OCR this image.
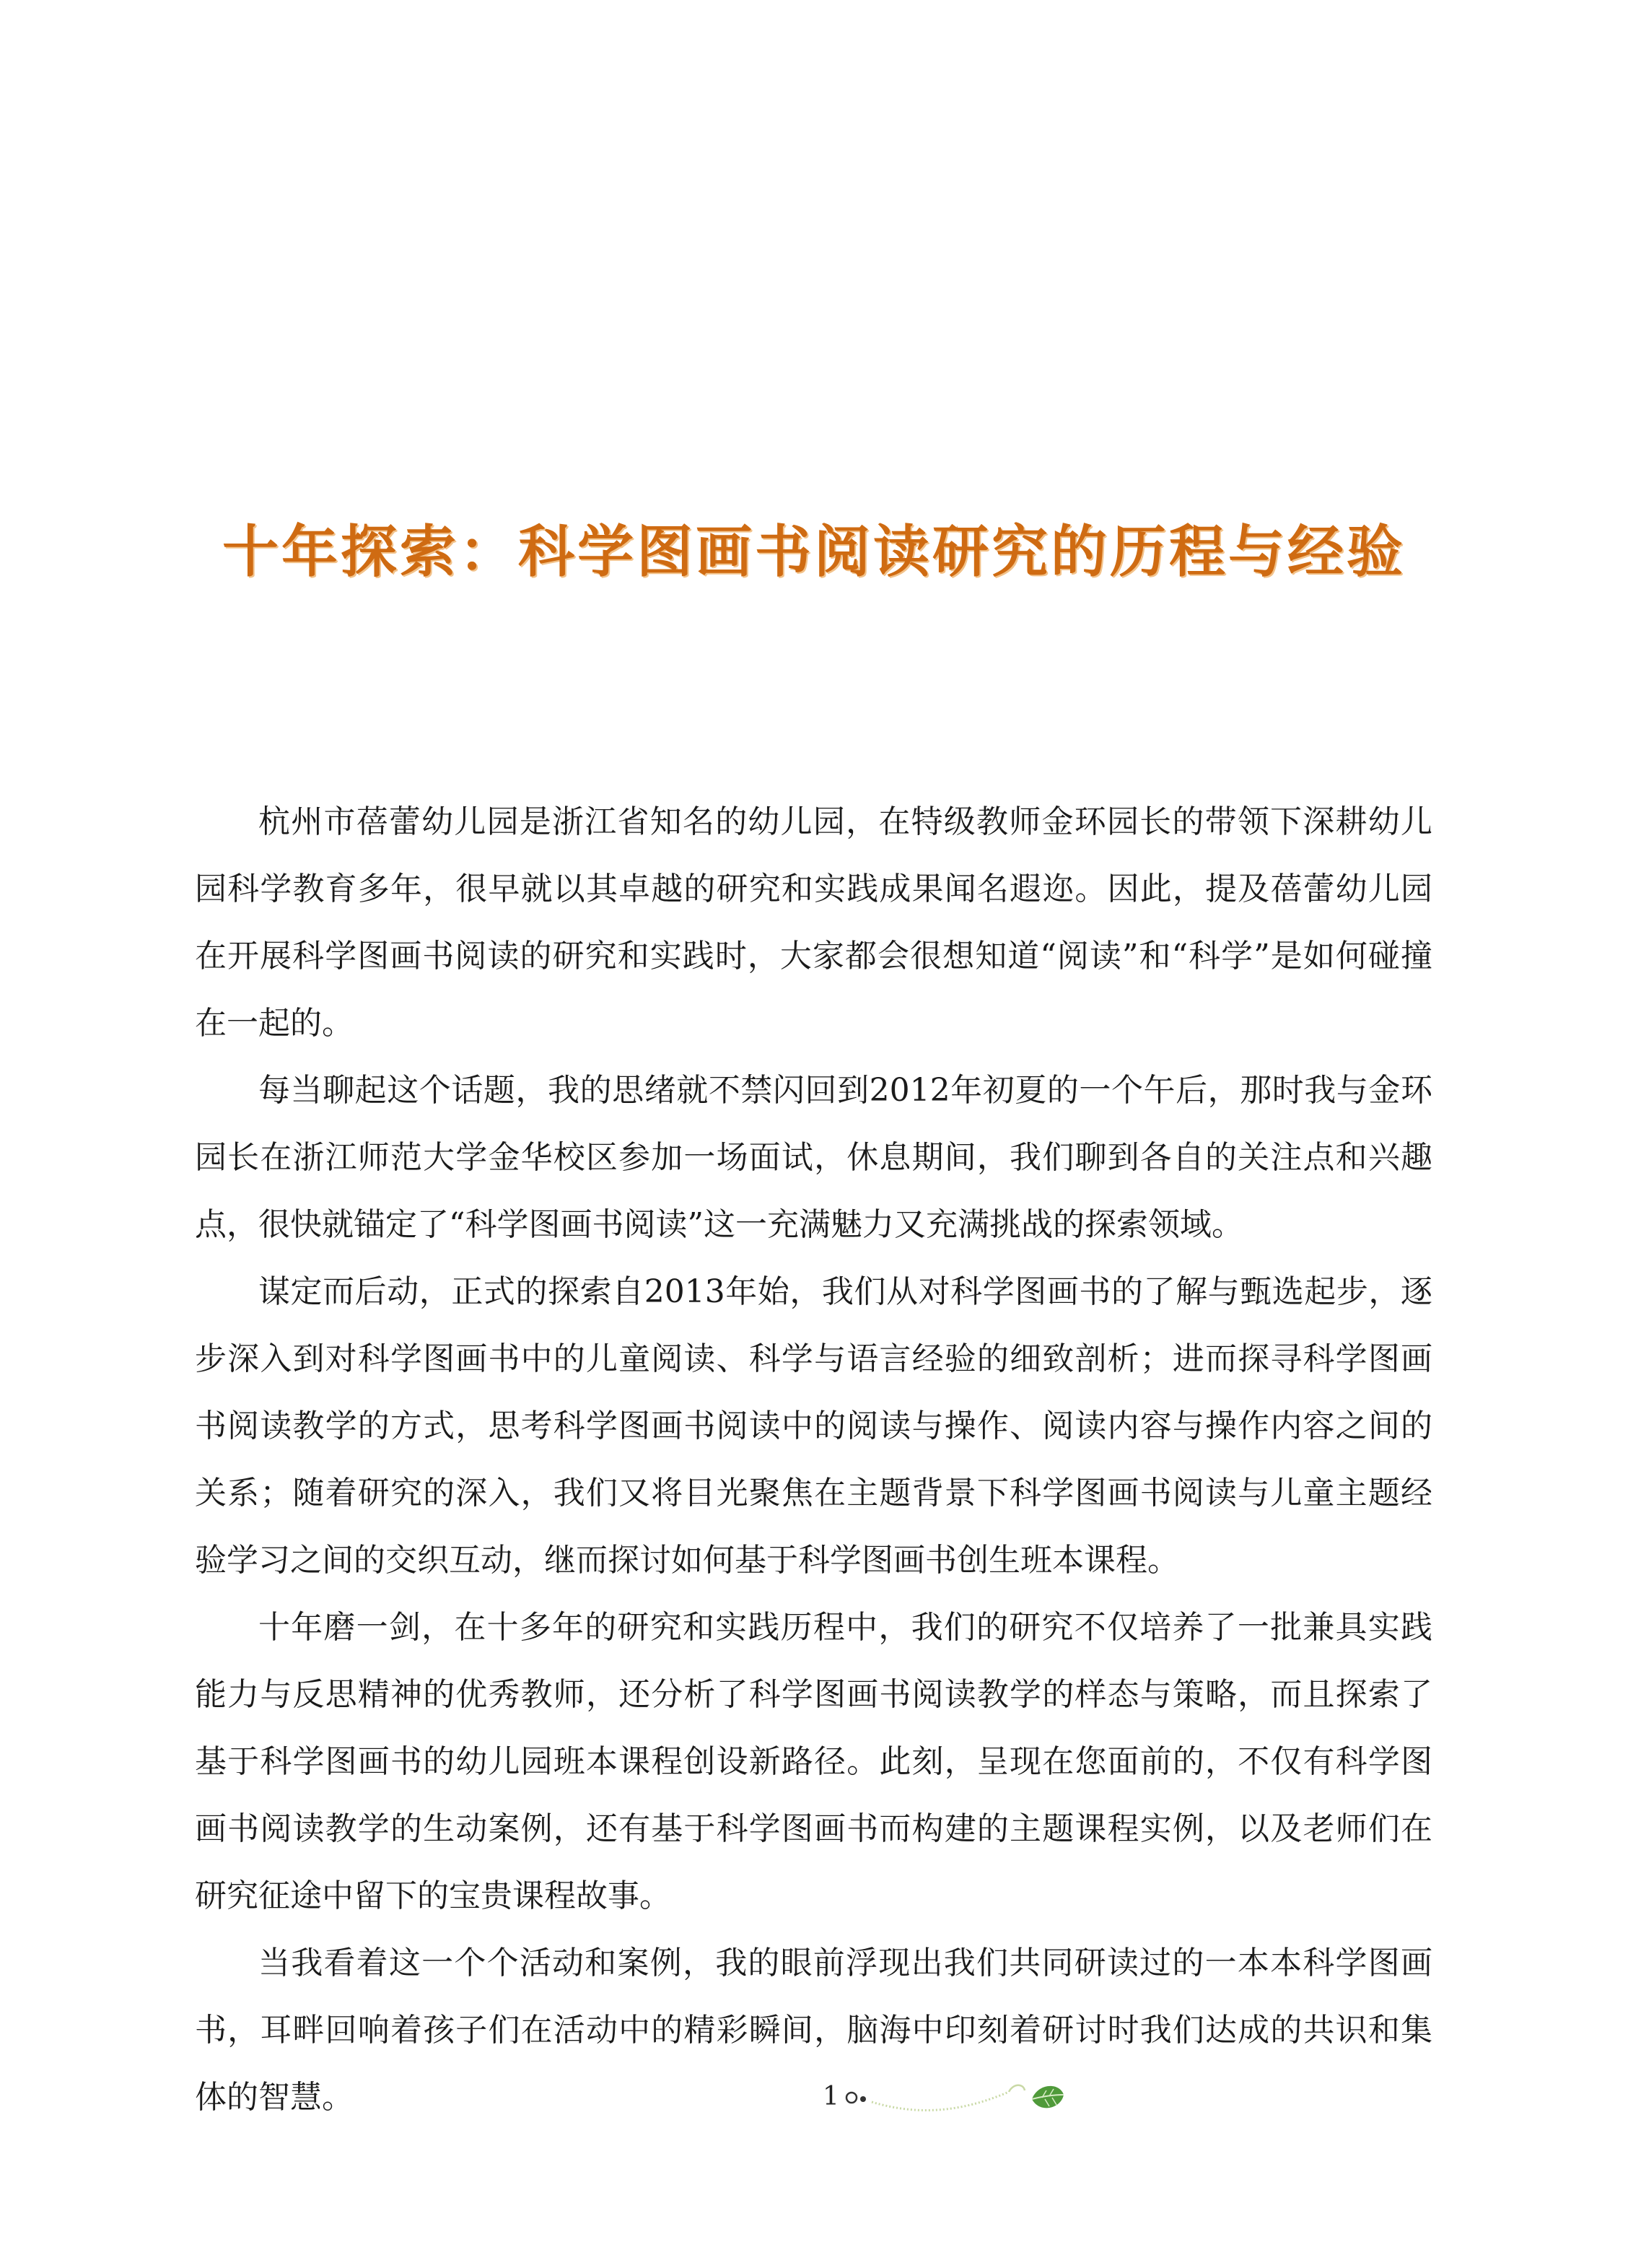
十年探索：科学图画书阅读研究的历程与经验

杭州市蓓蕾幼儿园是浙江省知名的幼儿园，在特级教师金环园长的带领下深耕幼儿园科学教育多年，很早就以其卓越的研究和实践成果闻名遐迩。因此，提及蓓蕾幼儿园在开展科学图画书阅读的研究和实践时，大家都会很想知道“阅读”和“科学”是如何碰撞在一起的。

每当聊起这个话题，我的思绪就不禁闪回到2012年初夏的一个午后，那时我与金环园长在浙江师范大学金华校区参加一场面试，休息期间，我们聊到各自的关注点和兴趣点，很快就锚定了“科学图画书阅读”这一充满魅力又充满挑战的探索领域。

谋定而后动，正式的探索自2013年始，我们从对科学图画书的了解与甄选起步，逐步深入到对科学图画书中的儿童阅读、科学与语言经验的细致剖析；进而探寻科学图画书阅读教学的方式，思考科学图画书阅读中的阅读与操作、阅读内容与操作内容之间的关系；随着研究的深入，我们又将目光聚焦在主题背景下科学图画书阅读与儿童主题经验学习之间的交织互动，继而探讨如何基于科学图画书创生班本课程。

十年磨一剑，在十多年的研究和实践历程中，我们的研究不仅培养了一批兼具实践能力与反思精神的优秀教师，还分析了科学图画书阅读教学的样态与策略，而且探索了基于科学图画书的幼儿园班本课程创设新路径。此刻，呈现在您面前的，不仅有科学图画书阅读教学的生动案例，还有基于科学图画书而构建的主题课程实例，以及老师们在研究征途中留下的宝贵课程故事。

当我看着这一个个活动和案例，我的眼前浮现出我们共同研读过的一本本科学图画书，耳畔回响着孩子们在活动中的精彩瞬间，脑海中印刻着研讨时我们达成的共识和集体的智慧。	1
